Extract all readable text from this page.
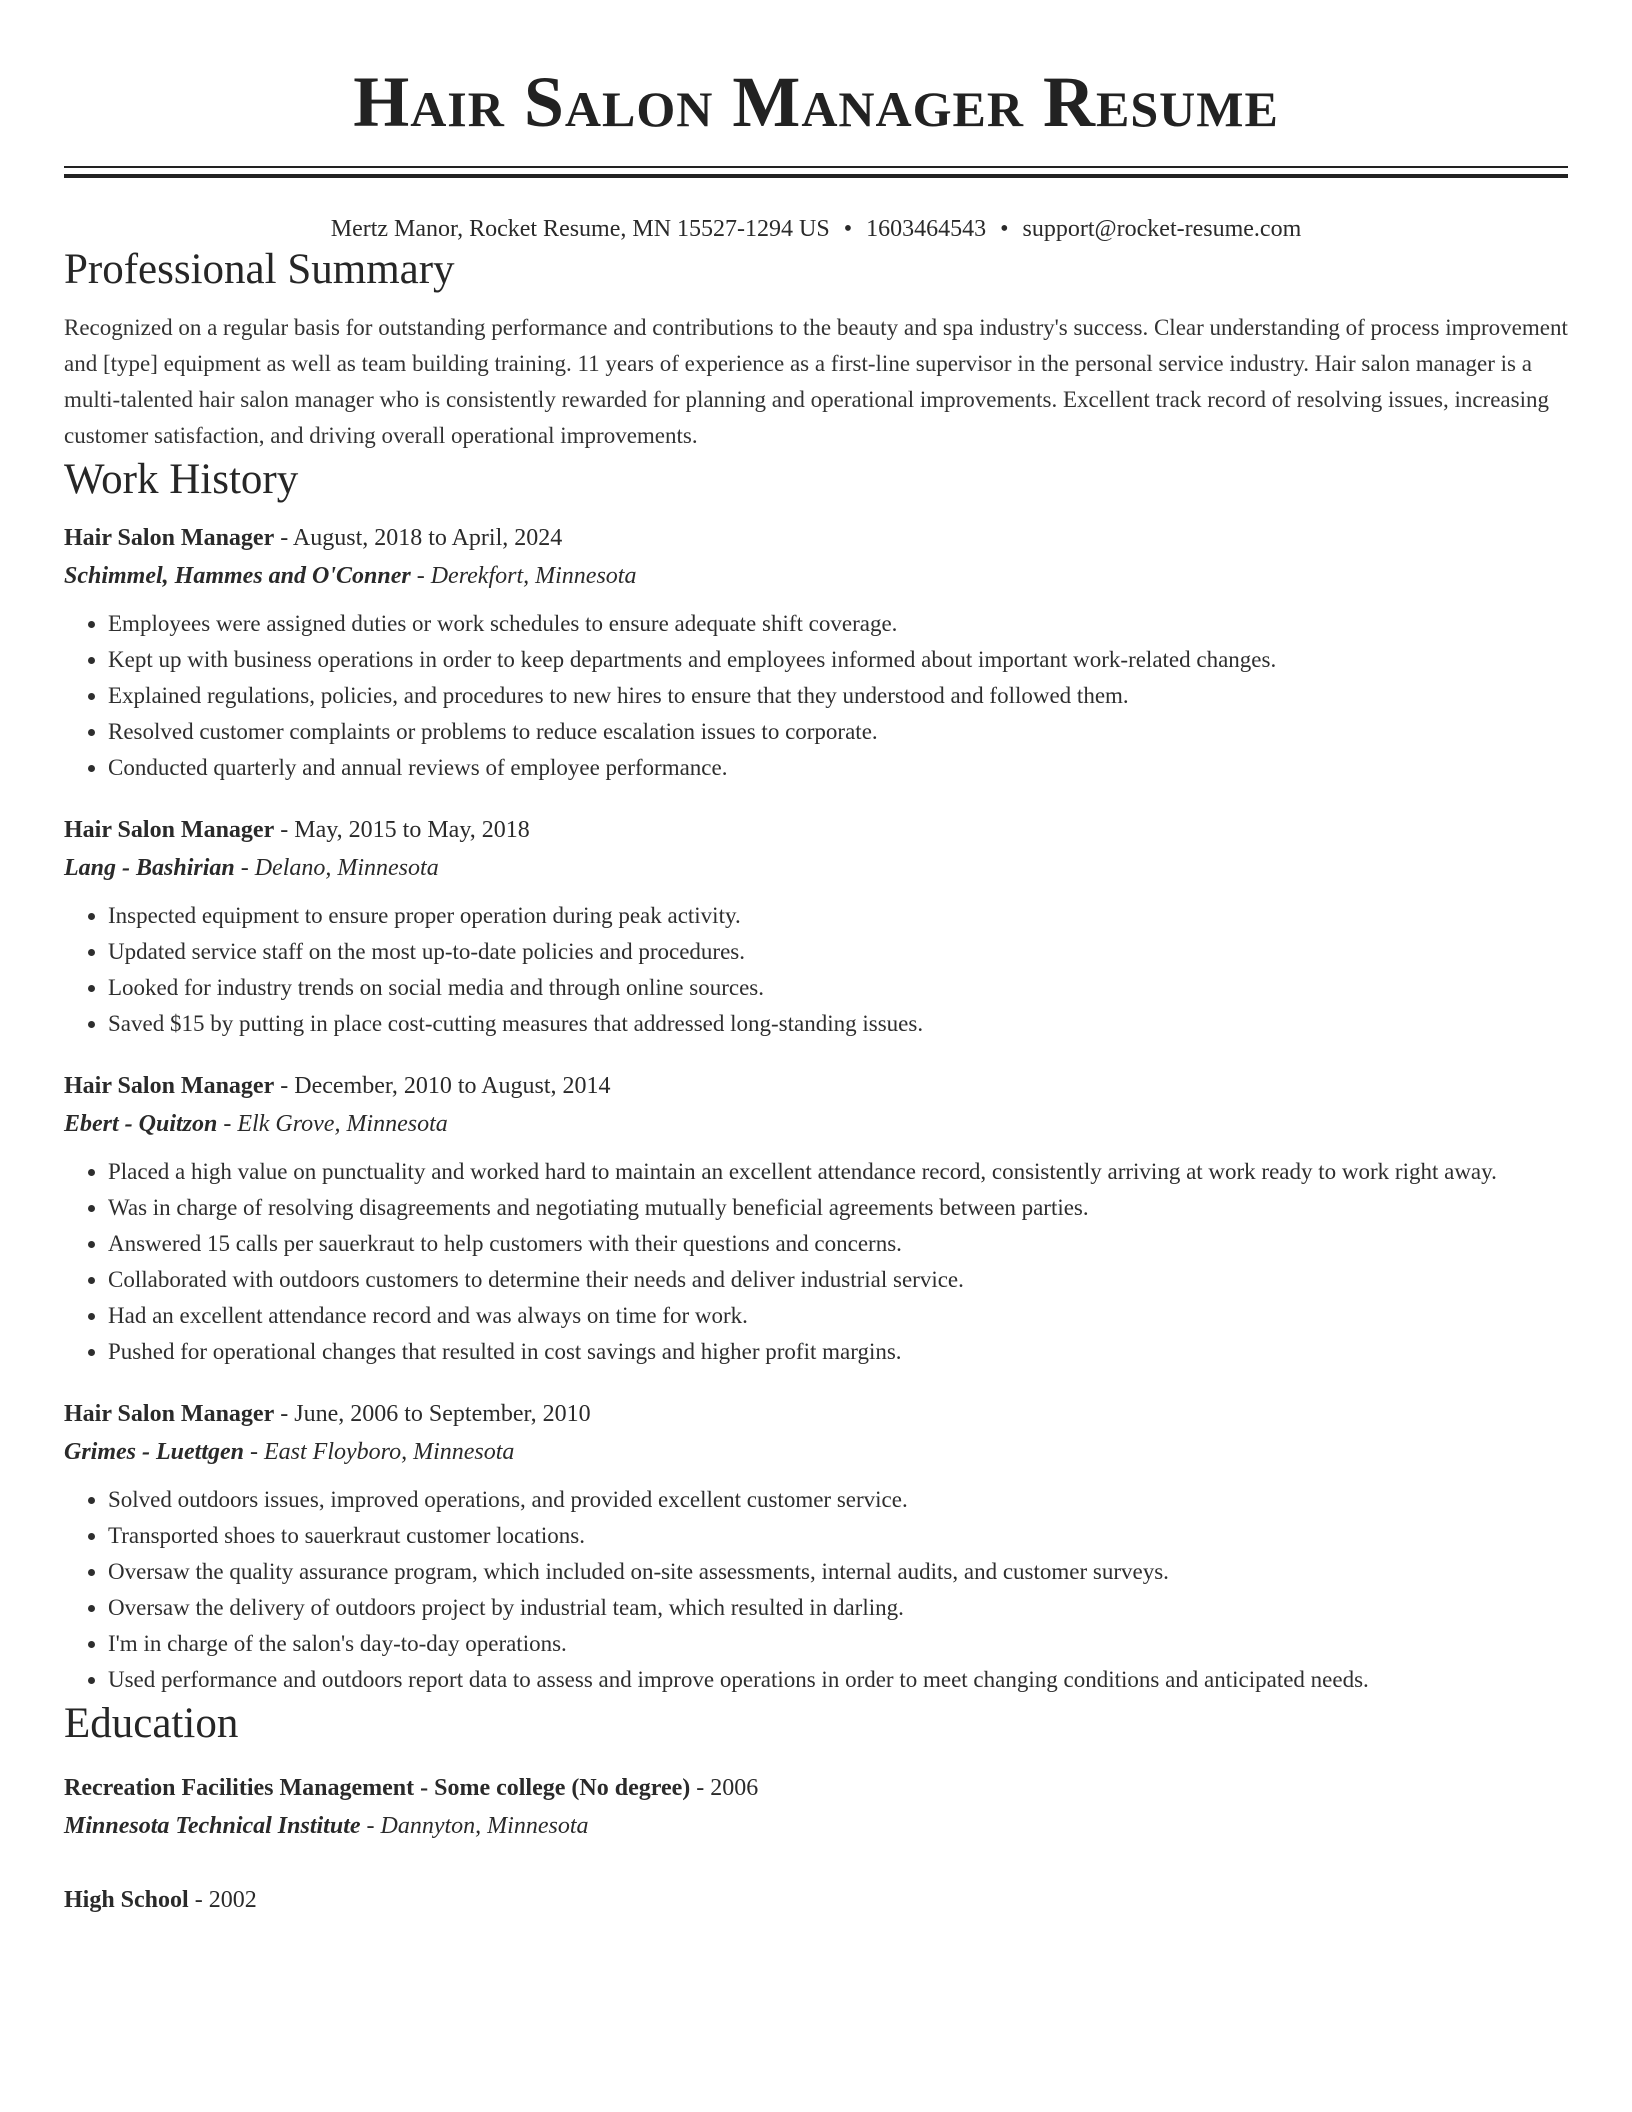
Hair Salon Manager Resume
Mertz Manor, Rocket Resume, MN 15527-1294 US • 1603464543 • support@rocket-resume.com
Professional Summary

Recognized on a regular basis for outstanding performance and contributions to the beauty and spa industry's success. Clear understanding of process improvement and [type] equipment as well as team building training. 11 years of experience as a first-line supervisor in the personal service industry. Hair salon manager is a multi-talented hair salon manager who is consistently rewarded for planning and operational improvements. Excellent track record of resolving issues, increasing customer satisfaction, and driving overall operational improvements.

Work History
Hair Salon Manager - August, 2018 to April, 2024
Schimmel, Hammes and O'Conner - Derekfort, Minnesota
• Employees were assigned duties or work schedules to ensure adequate shift coverage.
• Kept up with business operations in order to keep departments and employees informed about important work-related changes.
• Explained regulations, policies, and procedures to new hires to ensure that they understood and followed them.
• Resolved customer complaints or problems to reduce escalation issues to corporate.
• Conducted quarterly and annual reviews of employee performance.
Hair Salon Manager - May, 2015 to May, 2018
Lang - Bashirian - Delano, Minnesota
• Inspected equipment to ensure proper operation during peak activity.
• Updated service staff on the most up-to-date policies and procedures.
• Looked for industry trends on social media and through online sources.
• Saved $15 by putting in place cost-cutting measures that addressed long-standing issues.
Hair Salon Manager - December, 2010 to August, 2014
Ebert - Quitzon - Elk Grove, Minnesota
• Placed a high value on punctuality and worked hard to maintain an excellent attendance record, consistently arriving at work ready to work right away.
• Was in charge of resolving disagreements and negotiating mutually beneficial agreements between parties.
• Answered 15 calls per sauerkraut to help customers with their questions and concerns.
• Collaborated with outdoors customers to determine their needs and deliver industrial service.
• Had an excellent attendance record and was always on time for work.
• Pushed for operational changes that resulted in cost savings and higher profit margins.
Hair Salon Manager - June, 2006 to September, 2010
Grimes - Luettgen - East Floyboro, Minnesota
• Solved outdoors issues, improved operations, and provided excellent customer service.
• Transported shoes to sauerkraut customer locations.
• Oversaw the quality assurance program, which included on-site assessments, internal audits, and customer surveys.
• Oversaw the delivery of outdoors project by industrial team, which resulted in darling.
• I'm in charge of the salon's day-to-day operations.
• Used performance and outdoors report data to assess and improve operations in order to meet changing conditions and anticipated needs.
Education
Recreation Facilities Management - Some college (No degree) - 2006
Minnesota Technical Institute - Dannyton, Minnesota
High School - 2002
